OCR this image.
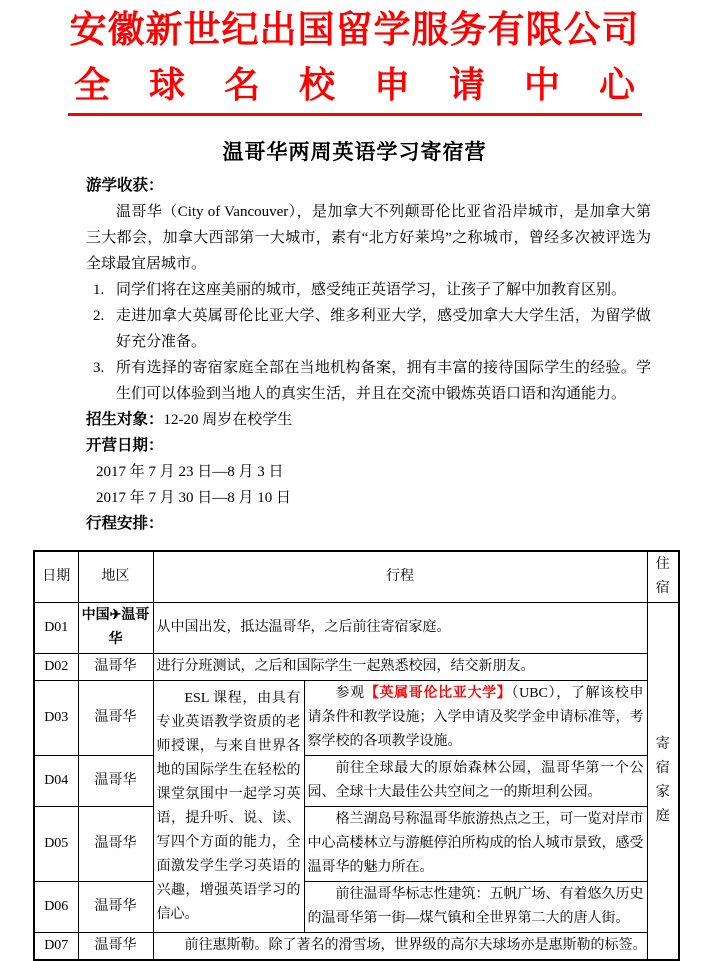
安徽新世纪出国留学服务有限公司
全 球 名 校 申 请 中 心
温哥华两周英语学习寄宿营

游学收获：

温哥华（City of Vancouver），是加拿大不列颠哥伦比亚省沿岸城市，是加拿大第三大都会，加拿大西部第一大城市，素有“北方好莱坞”之称城市，曾经多次被评选为全球最宜居城市。

1. 同学们将在这座美丽的城市，感受纯正英语学习，让孩子了解中加教育区别。
2. 走进加拿大英属哥伦比亚大学、维多利亚大学，感受加拿大大学生活，为留学做好充分准备。
3. 所有选择的寄宿家庭全部在当地机构备案，拥有丰富的接待国际学生的经验。学生们可以体验到当地人的真实生活，并且在交流中锻炼英语口语和沟通能力。

招生对象：12-20 周岁在校学生

开营日期：

2017 年 7 月 23 日—8 月 3 日

2017 年 7 月 30 日—8 月 10 日

行程安排：

日期	地区	行程		住宿
D01	中国✈温哥华	从中国出发，抵达温哥华，之后前往寄宿家庭。		寄宿家庭
D02	温哥华	进行分班测试，之后和国际学生一起熟悉校园，结交新朋友。		
D03	温哥华	ESL 课程，由具有专业英语教学资质的老师授课，与来自世界各地的国际学生在轻松的课堂氛围中一起学习英语，提升听、说、读、写四个方面的能力，全面激发学生学习英语的兴趣，增强英语学习的信心。	参观【英属哥伦比亚大学】（UBC），了解该校申请条件和教学设施；入学申请及奖学金申请标准等，考察学校的各项教学设施。	
D04	温哥华		前往全球最大的原始森林公园，温哥华第一个公园、全球十大最佳公共空间之一的斯坦利公园。	
D05	温哥华		格兰湖岛号称温哥华旅游热点之王，可一览对岸市中心高楼林立与游艇停泊所构成的怡人城市景致，感受温哥华的魅力所在。	
D06	温哥华		前往温哥华标志性建筑：五帆广场、有着悠久历史的温哥华第一街—煤气镇和全世界第二大的唐人街。	
D07	温哥华	前往惠斯勒。除了著名的滑雪场，世界级的高尔夫球场亦是惠斯勒的标签。		
